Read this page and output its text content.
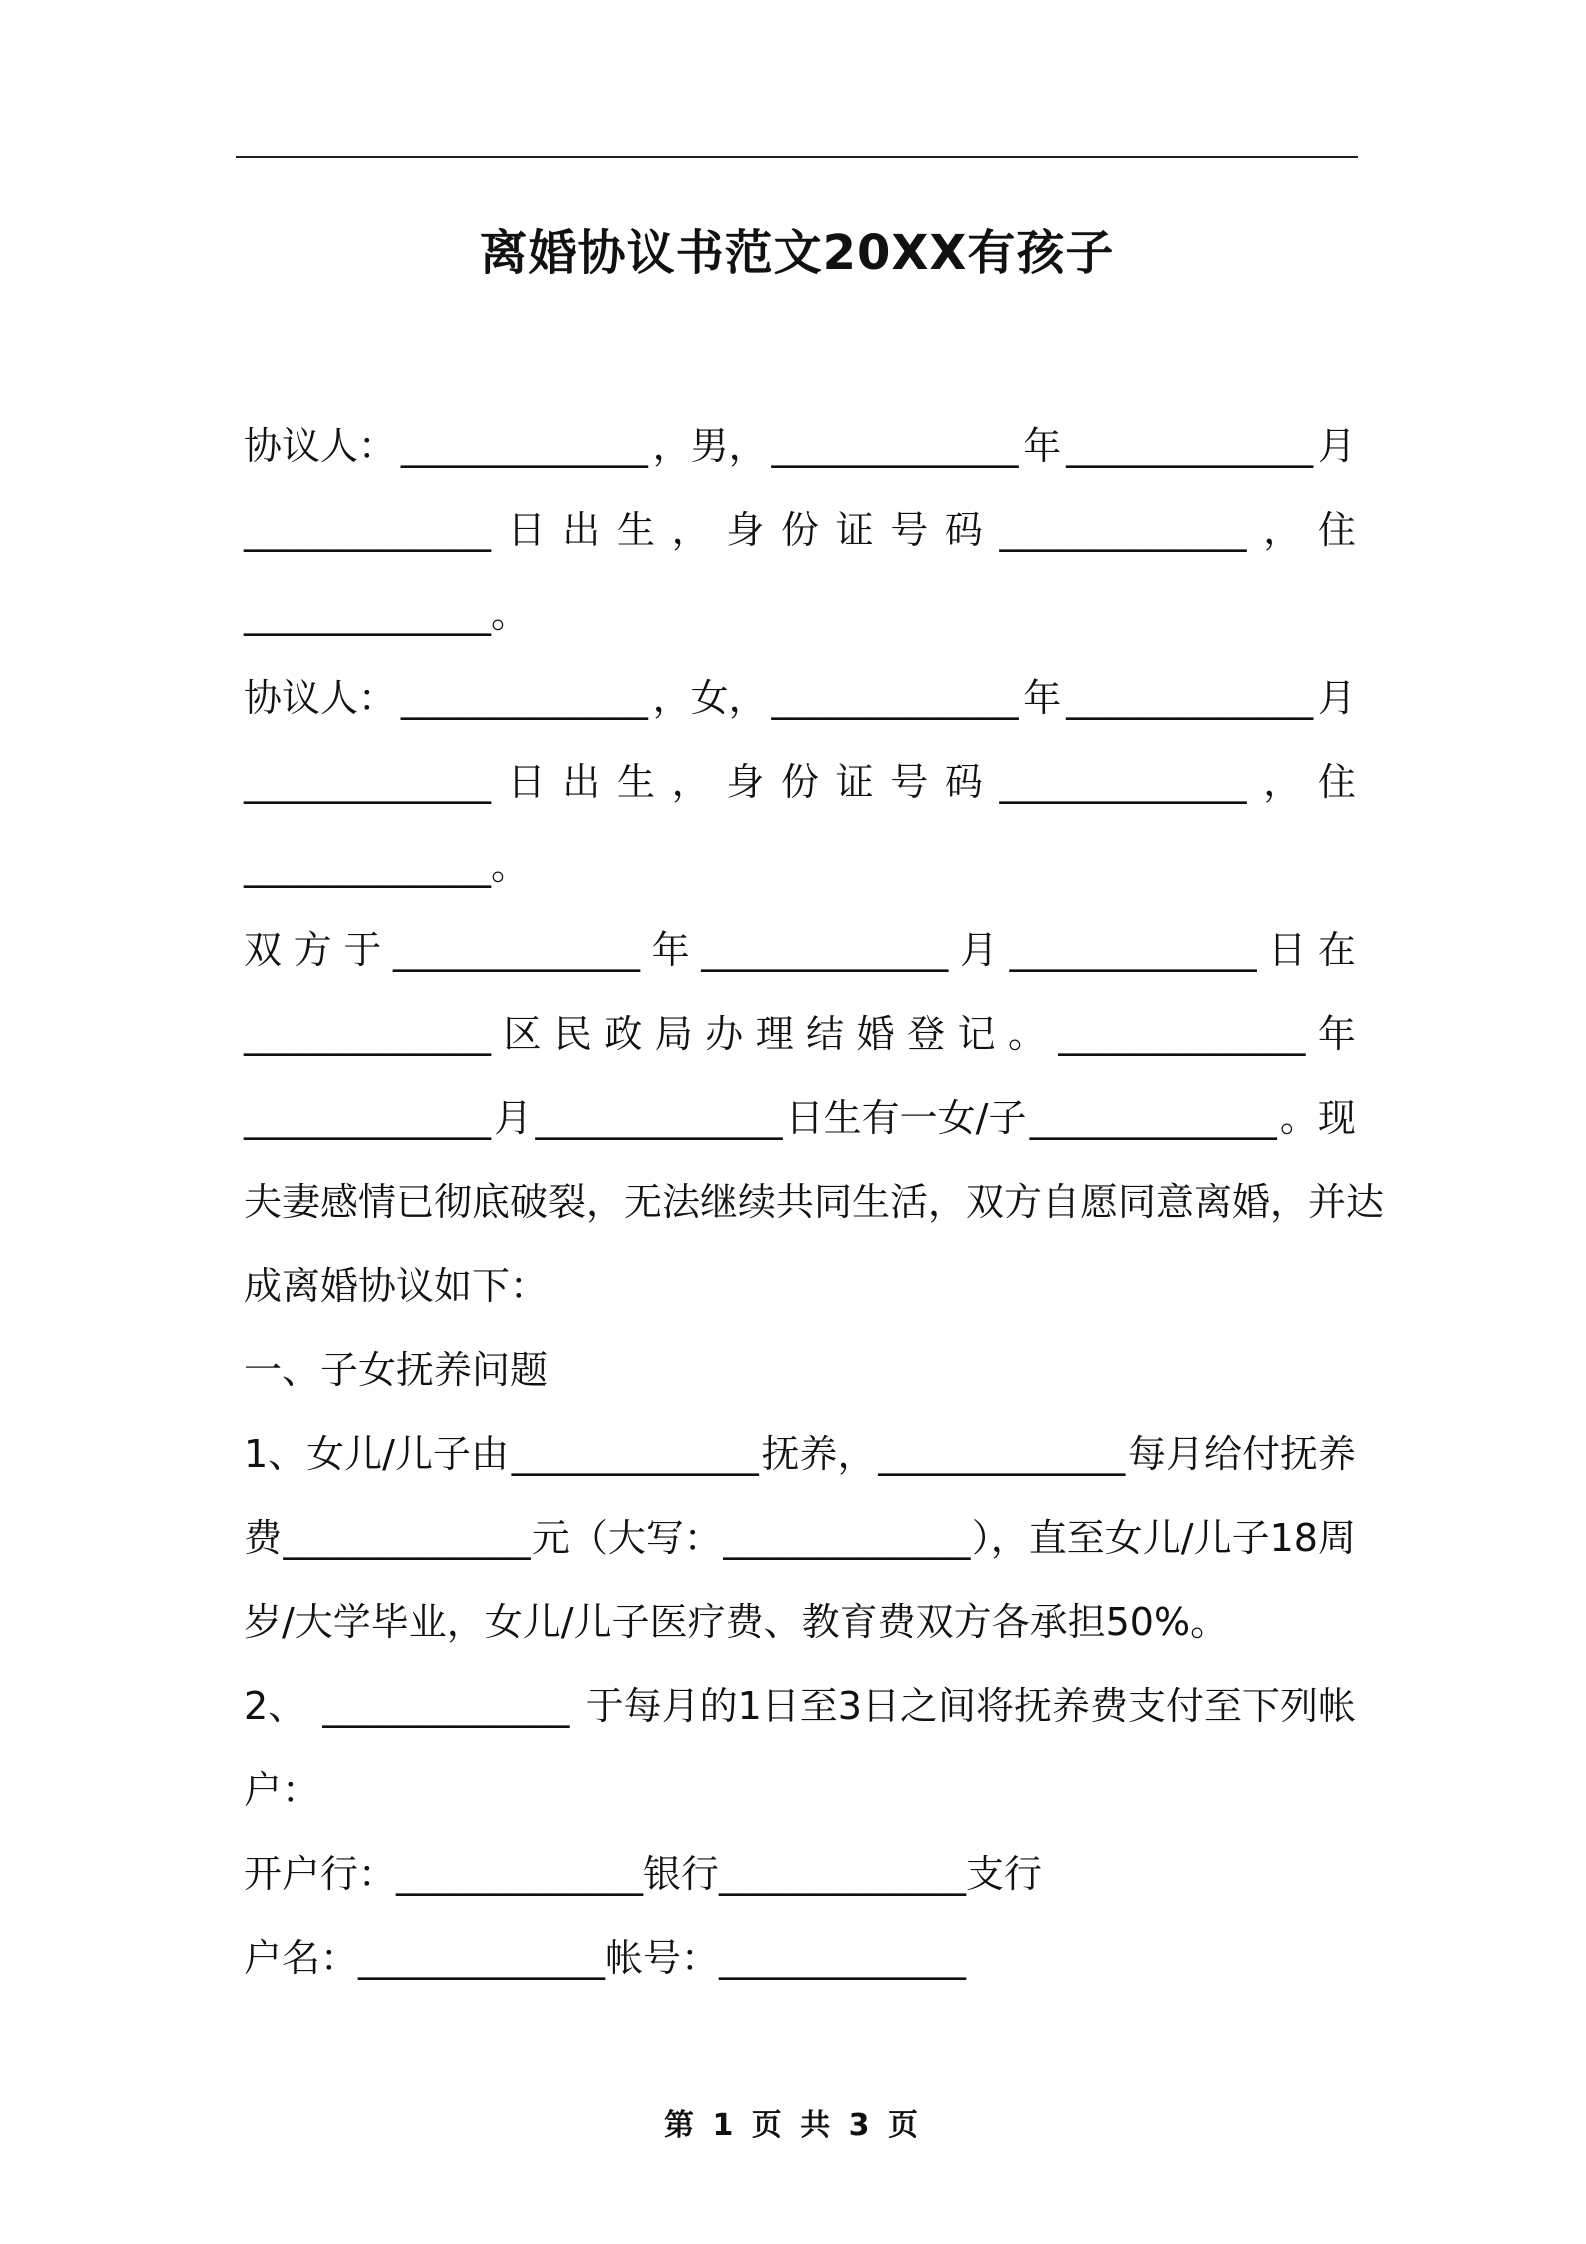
离婚协议书范文20XX有孩子
协议人： _____________ ，男， _____________ 年 _____________ 月
_____________ 日 出 生 ， 身 份 证 号 码 _____________ ， 住
_____________。
协议人： _____________ ，女， _____________ 年 _____________ 月
_____________ 日 出 生 ， 身 份 证 号 码 _____________ ， 住
_____________。
双 方 于 _____________ 年 _____________ 月 _____________ 日 在
_____________ 区 民 政 局 办 理 结 婚 登 记 。 _____________ 年
_____________ 月 _____________ 日生有一女/子 _____________ 。现
夫妻感情已彻底破裂，无法继续共同生活，双方自愿同意离婚，并达
成离婚协议如下：
一、子女抚养问题
1、女儿/儿子由 _____________ 抚养， _____________ 每月给付抚养
费 _____________ 元（大写： _____________ ），直至女儿/儿子18周
岁/大学毕业，女儿/儿子医疗费、教育费双方各承担50%。
2、 _____________ 于每月的1日至3日之间将抚养费支付至下列帐
户：
开户行：_____________银行_____________支行
户名：_____________帐号：_____________
第 1 页 共 3 页
